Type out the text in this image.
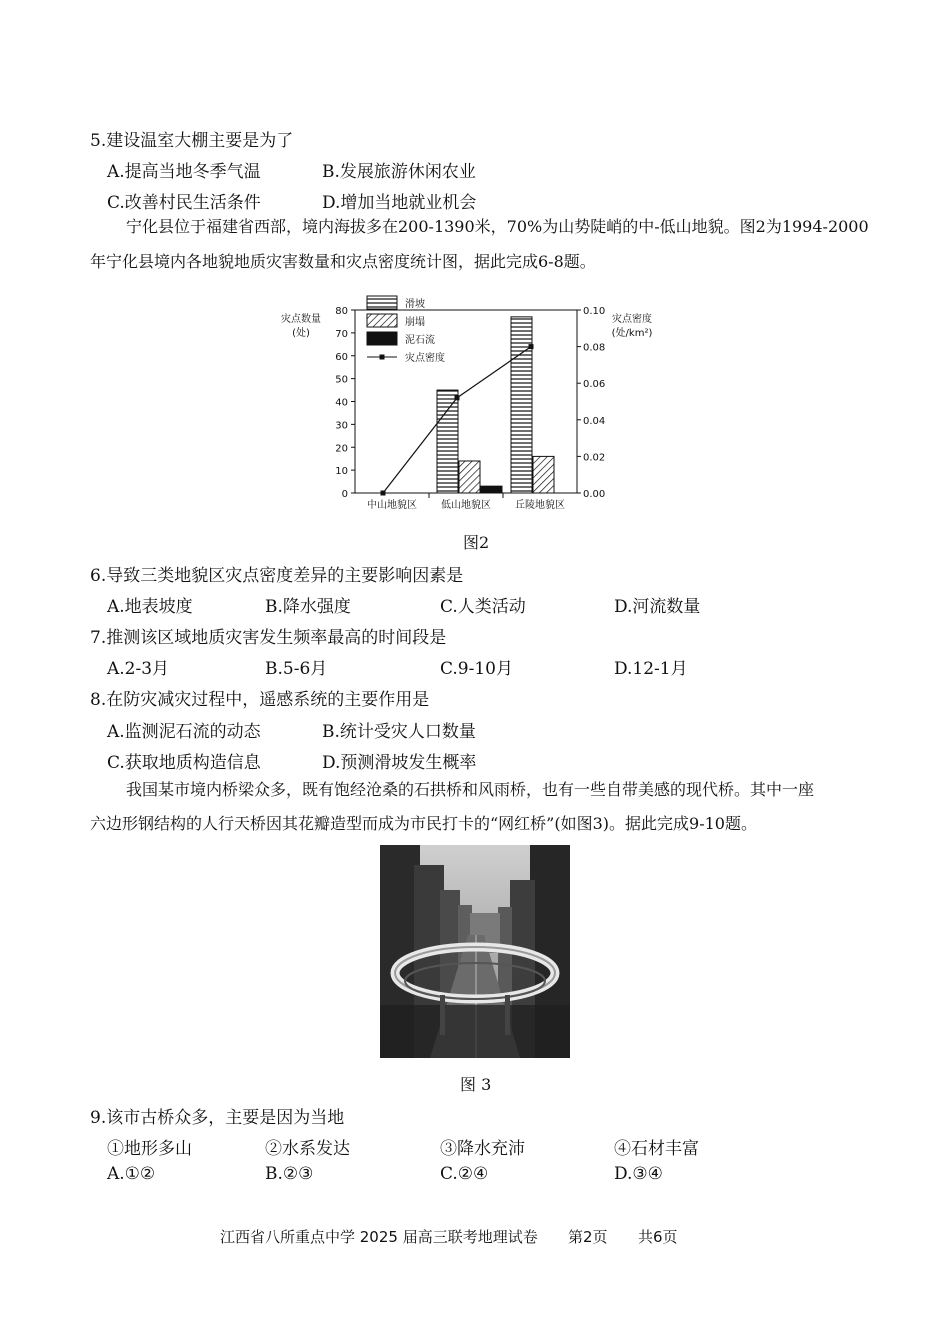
5.建设温室大棚主要是为了
A.提高当地冬季气温	B.发展旅游休闲农业
C.改善村民生活条件	D.增加当地就业机会
宁化县位于福建省西部，境内海拔多在200-1390米，70%为山势陡峭的中-低山地貌。图2为1994-2000
年宁化县境内各地貌地质灾害数量和灾点密度统计图，据此完成6-8题。
灾点数量
(处)
灾点密度
(处/km²)
0
10
20
30
40
50
60
70
80
0.00
0.02
0.04
0.06
0.08
0.10
中山地貌区 低山地貌区 丘陵地貌区
滑坡
崩塌
泥石流
灾点密度
图2
6.导致三类地貌区灾点密度差异的主要影响因素是
A.地表坡度	B.降水强度	C.人类活动	D.河流数量
7.推测该区域地质灾害发生频率最高的时间段是
A.2-3月	B.5-6月	C.9-10月	D.12-1月
8.在防灾减灾过程中，遥感系统的主要作用是
A.监测泥石流的动态	B.统计受灾人口数量
C.获取地质构造信息	D.预测滑坡发生概率
我国某市境内桥梁众多，既有饱经沧桑的石拱桥和风雨桥，也有一些自带美感的现代桥。其中一座
六边形钢结构的人行天桥因其花瓣造型而成为市民打卡的“网红桥”(如图3)。据此完成9-10题。
图 3
9.该市古桥众多，主要是因为当地
①地形多山	②水系发达	③降水充沛	④石材丰富
A.①②	B.②③	C.②④	D.③④
江西省八所重点中学 2025 届高三联考地理试卷 第2页 共6页
